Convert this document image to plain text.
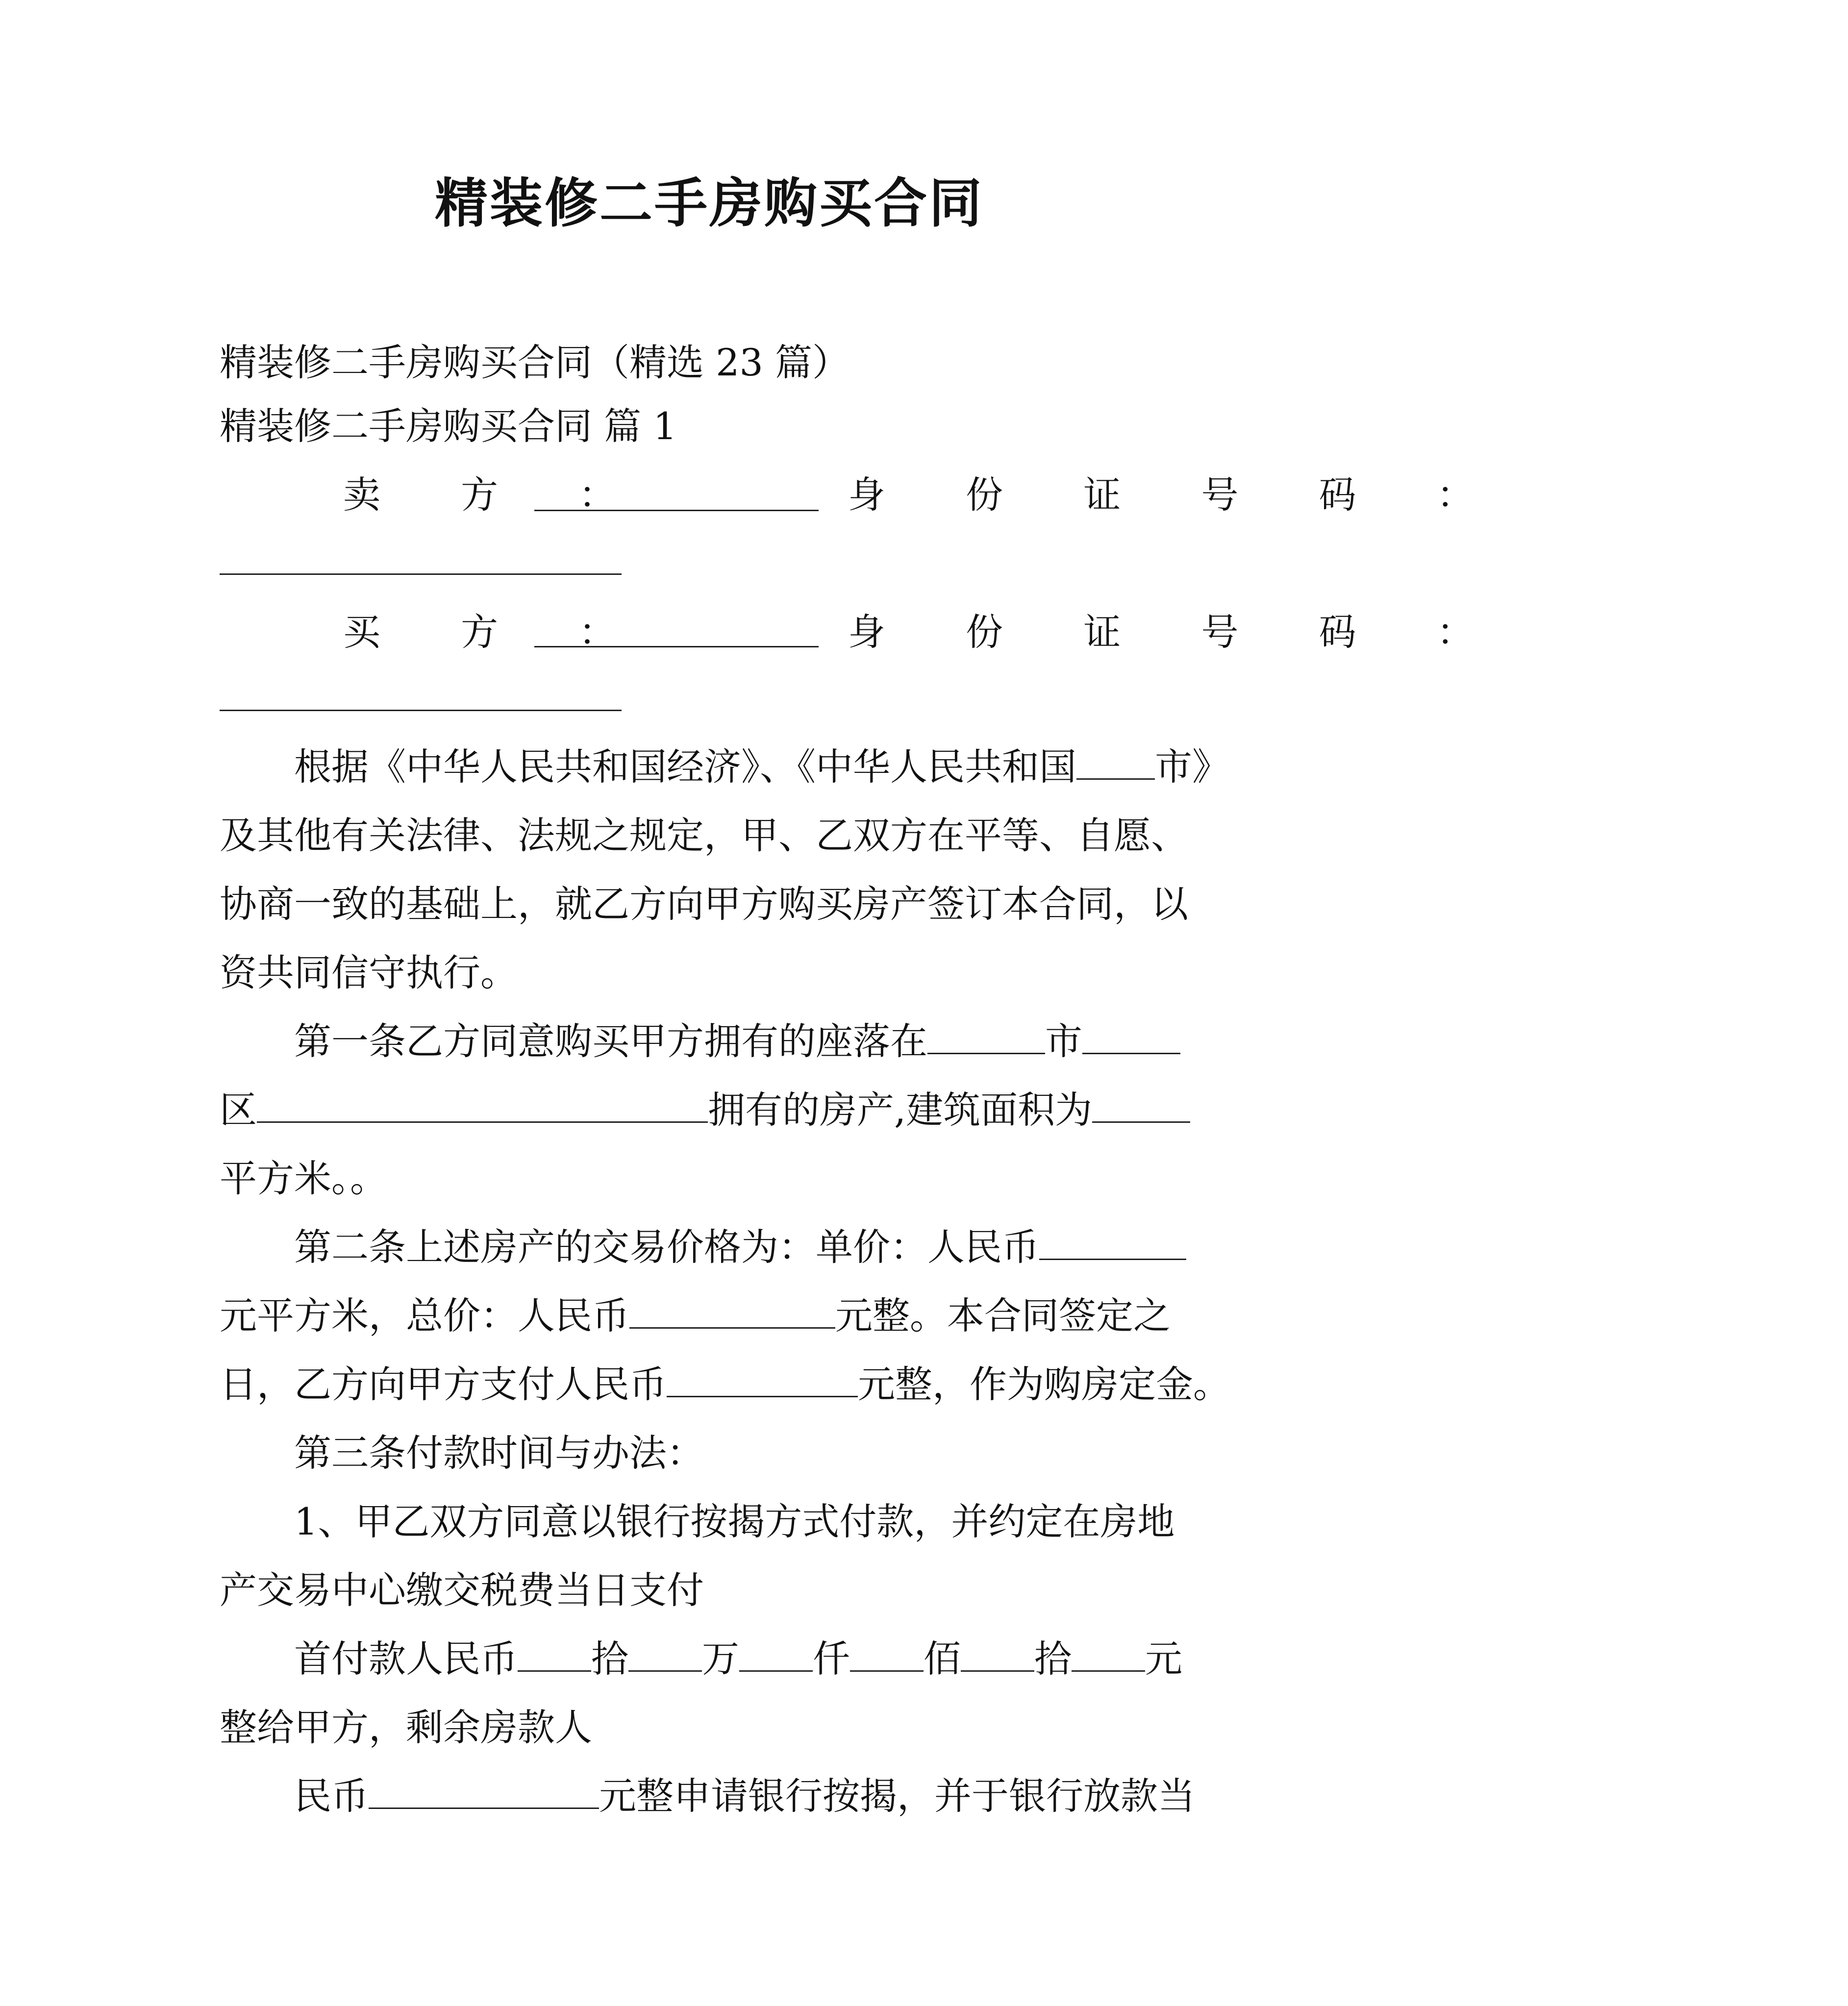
精装修二手房购买合同
精装修二手房购买合同（精选 23 篇）
精装修二手房购买合同 篇 1
卖 方 ：	身 份 证 号 码 ：
买 方 ：	身 份 证 号 码 ：
根据《中华人民共和国经济》、《中华人民共和国 市》
及其他有关法律、法规之规定，甲、乙双方在平等、自愿、
协商一致的基础上，就乙方向甲方购买房产签订本合同，以
资共同信守执行。
第一条乙方同意购买甲方拥有的座落在	市
区	拥有的房产,建筑面积为
平方米。。
第二条上述房产的交易价格为：单价：人民币
元平方米，总价：人民币	元整。本合同签定之
日，乙方向甲方支付人民币	元整，作为购房定金。
第三条付款时间与办法：
1、甲乙双方同意以银行按揭方式付款，并约定在房地
产交易中心缴交税费当日支付
首付款人民币 拾 万 仟 佰 拾 元
整给甲方，剩余房款人
民币	元整申请银行按揭，并于银行放款当
